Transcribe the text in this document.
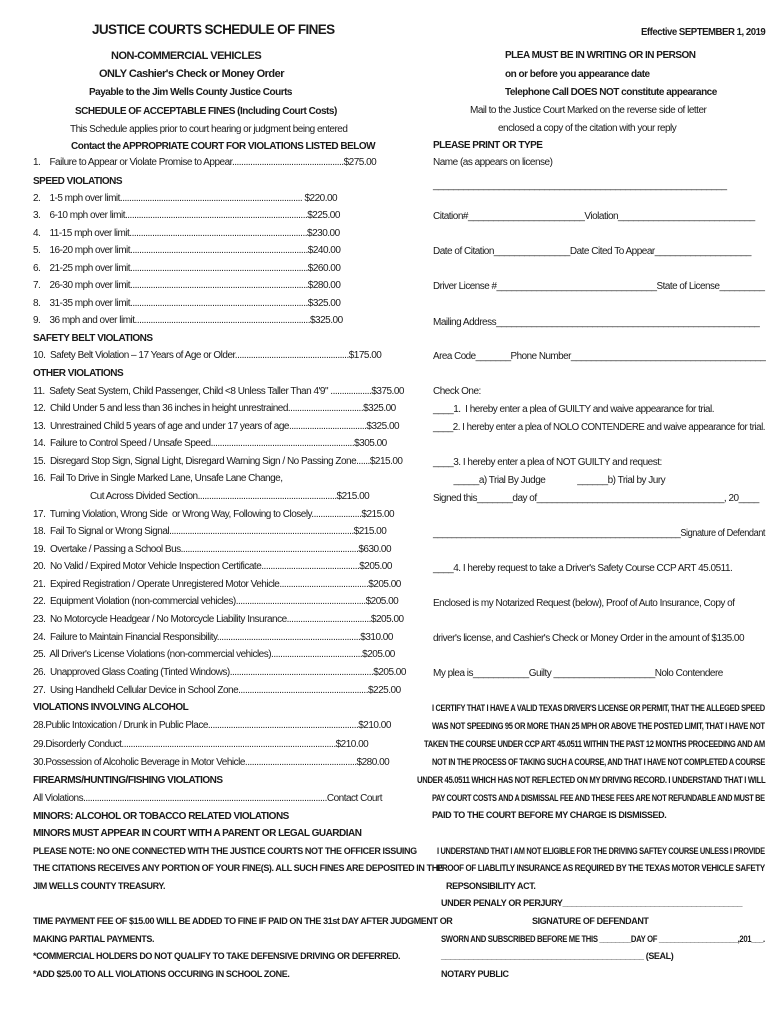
JUSTICE COURTS SCHEDULE OF FINES	Effective SEPTEMBER 1, 2019
NON-COMMERCIAL VEHICLES
ONLY Cashier's Check or Money Order
Payable to the Jim Wells County Justice Courts
SCHEDULE OF ACCEPTABLE FINES (Including Court Costs)
This Schedule applies prior to court hearing or judgment being entered
Contact the APPROPRIATE COURT FOR VIOLATIONS LISTED BELOW
1.    Failure to Appear or Violate Promise to Appear.................................................$275.00
SPEED VIOLATIONS
2.    1-5 mph over limit................................................................................ $220.00
3.    6-10 mph over limit................................................................................$225.00
4.    11-15 mph over limit..............................................................................$230.00
5.    16-20 mph over limit..............................................................................$240.00
6.    21-25 mph over limit..............................................................................$260.00
7.    26-30 mph over limit..............................................................................$280.00
8.    31-35 mph over limit..............................................................................$325.00
9.    36 mph and over limit.............................................................................$325.00
SAFETY BELT VIOLATIONS
10.  Safety Belt Violation – 17 Years of Age or Older..................................................$175.00
OTHER VIOLATIONS
11.  Safety Seat System, Child Passenger, Child <8 Unless Taller Than 4'9" ..................$375.00
12.  Child Under 5 and less than 36 inches in height unrestrained.................................$325.00
13.  Unrestrained Child 5 years of age and under 17 years of age..................................$325.00
14.  Failure to Control Speed / Unsafe Speed...............................................................$305.00
15.  Disregard Stop Sign, Signal Light, Disregard Warning Sign / No Passing Zone......$215.00
16.  Fail To Drive in Single Marked Lane, Unsafe Lane Change,
Cut Across Divided Section.............................................................$215.00
17.  Turning Violation, Wrong Side  or Wrong Way, Following to Closely......................$215.00
18.  Fail To Signal or Wrong Signal.................................................................................$215.00
19.  Overtake / Passing a School Bus..............................................................................$630.00
20.  No Valid / Expired Motor Vehicle Inspection Certificate...........................................$205.00
21.  Expired Registration / Operate Unregistered Motor Vehicle.......................................$205.00
22.  Equipment Violation (non-commercial vehicles).........................................................$205.00
23.  No Motorcycle Headgear / No Motorcycle Liability Insurance.....................................$205.00
24.  Failure to Maintain Financial Responsibility...............................................................$310.00
25.  All Driver's License Violations (non-commercial vehicles)........................................$205.00
26.  Unapproved Glass Coating (Tinted Windows)...............................................................$205.00
27.  Using Handheld Cellular Device in School Zone.........................................................$225.00
VIOLATIONS INVOLVING ALCOHOL
28.Public Intoxication / Drunk in Public Place..................................................................$210.00
29.Disorderly Conduct..............................................................................................$210.00
30.Possession of Alcoholic Beverage in Motor Vehicle.................................................$280.00
FIREARMS/HUNTING/FISHING VIOLATIONS
All Violations...........................................................................................................Contact Court
MINORS: ALCOHOL OR TOBACCO RELATED VIOLATIONS
MINORS MUST APPEAR IN COURT WITH A PARENT OR LEGAL GUARDIAN
PLEASE NOTE: NO ONE CONNECTED WITH THE JUSTICE COURTS NOT THE OFFICER ISSUING
THE CITATIONS RECEIVES ANY PORTION OF YOUR FINE(S). ALL SUCH FINES ARE DEPOSITED IN THE
JIM WELLS COUNTY TREASURY.
TIME PAYMENT FEE OF $15.00 WILL BE ADDED TO FINE IF PAID ON THE 31st DAY AFTER JUDGMENT OR
MAKING PARTIAL PAYMENTS.
*COMMERCIAL HOLDERS DO NOT QUALIFY TO TAKE DEFENSIVE DRIVING OR DEFERRED.
*ADD $25.00 TO ALL VIOLATIONS OCCURING IN SCHOOL ZONE.
PLEA MUST BE IN WRITING OR IN PERSON
on or before you appearance date
Telephone Call DOES NOT constitute appearance
Mail to the Justice Court Marked on the reverse side of letter
enclosed a copy of the citation with your reply
PLEASE PRINT OR TYPE
Name (as appears on license)
__________________________________________________________
Citation#_______________________Violation___________________________
Date of Citation_______________Date Cited To Appear___________________
Driver License #________________________________State of License_________
Mailing Address____________________________________________________
Area Code_______Phone Number_______________________________________
Check One:
____1.  I hereby enter a plea of GUILTY and waive appearance for trial.
____2. I hereby enter a plea of NOLO CONTENDERE and waive appearance for trial.
____3. I hereby enter a plea of NOT GUILTY and request:
_____a) Trial By Judge              ______b) Trial by Jury
Signed this_______day of_____________________________________, 20____
_____________________________________________________Signature of Defendant
____4. I hereby request to take a Driver's Safety Course CCP ART 45.0511.
Enclosed is my Notarized Request (below), Proof of Auto Insurance, Copy of
driver's license, and Cashier's Check or Money Order in the amount of $135.00
My plea is___________Guilty ____________________Nolo Contendere
I CERTIFY THAT I HAVE A VALID TEXAS DRIVER'S LICENSE OR PERMIT, THAT THE ALLEGED SPEED
WAS NOT SPEEDING 95 OR MORE THAN 25 MPH OR ABOVE THE POSTED LIMIT, THAT I HAVE NOT
TAKEN THE COURSE UNDER CCP ART 45.0511 WITHIN THE PAST 12 MONTHS PROCEEDING AND AM
NOT IN THE PROCESS OF TAKING SUCH A COURSE, AND THAT I HAVE NOT COMPLETED A COURSE
UNDER 45.0511 WHICH HAS NOT REFLECTED ON MY DRIVING RECORD. I UNDERSTAND THAT I WILL
PAY COURT COSTS AND A DISMISSAL FEE AND THESE FEES ARE NOT REFUNDABLE AND MUST BE
PAID TO THE COURT BEFORE MY CHARGE IS DISMISSED.
I UNDERSTAND THAT I AM NOT ELIGIBLE FOR THE DRIVING SAFTEY COURSE UNLESS I PROVIDE
PROOF OF LIABLITLY INSURANCE AS REQUIRED BY THE TEXAS MOTOR VEHICLE SAFETY
REPSONSIBILITY ACT.
UNDER PENALY OR PERJURY_______________________________________
SIGNATURE OF DEFENDANT
SWORN AND SUBSCRIBED BEFORE ME THIS ________DAY OF ____________________,201___.
____________________________________________ (SEAL)
NOTARY PUBLIC
